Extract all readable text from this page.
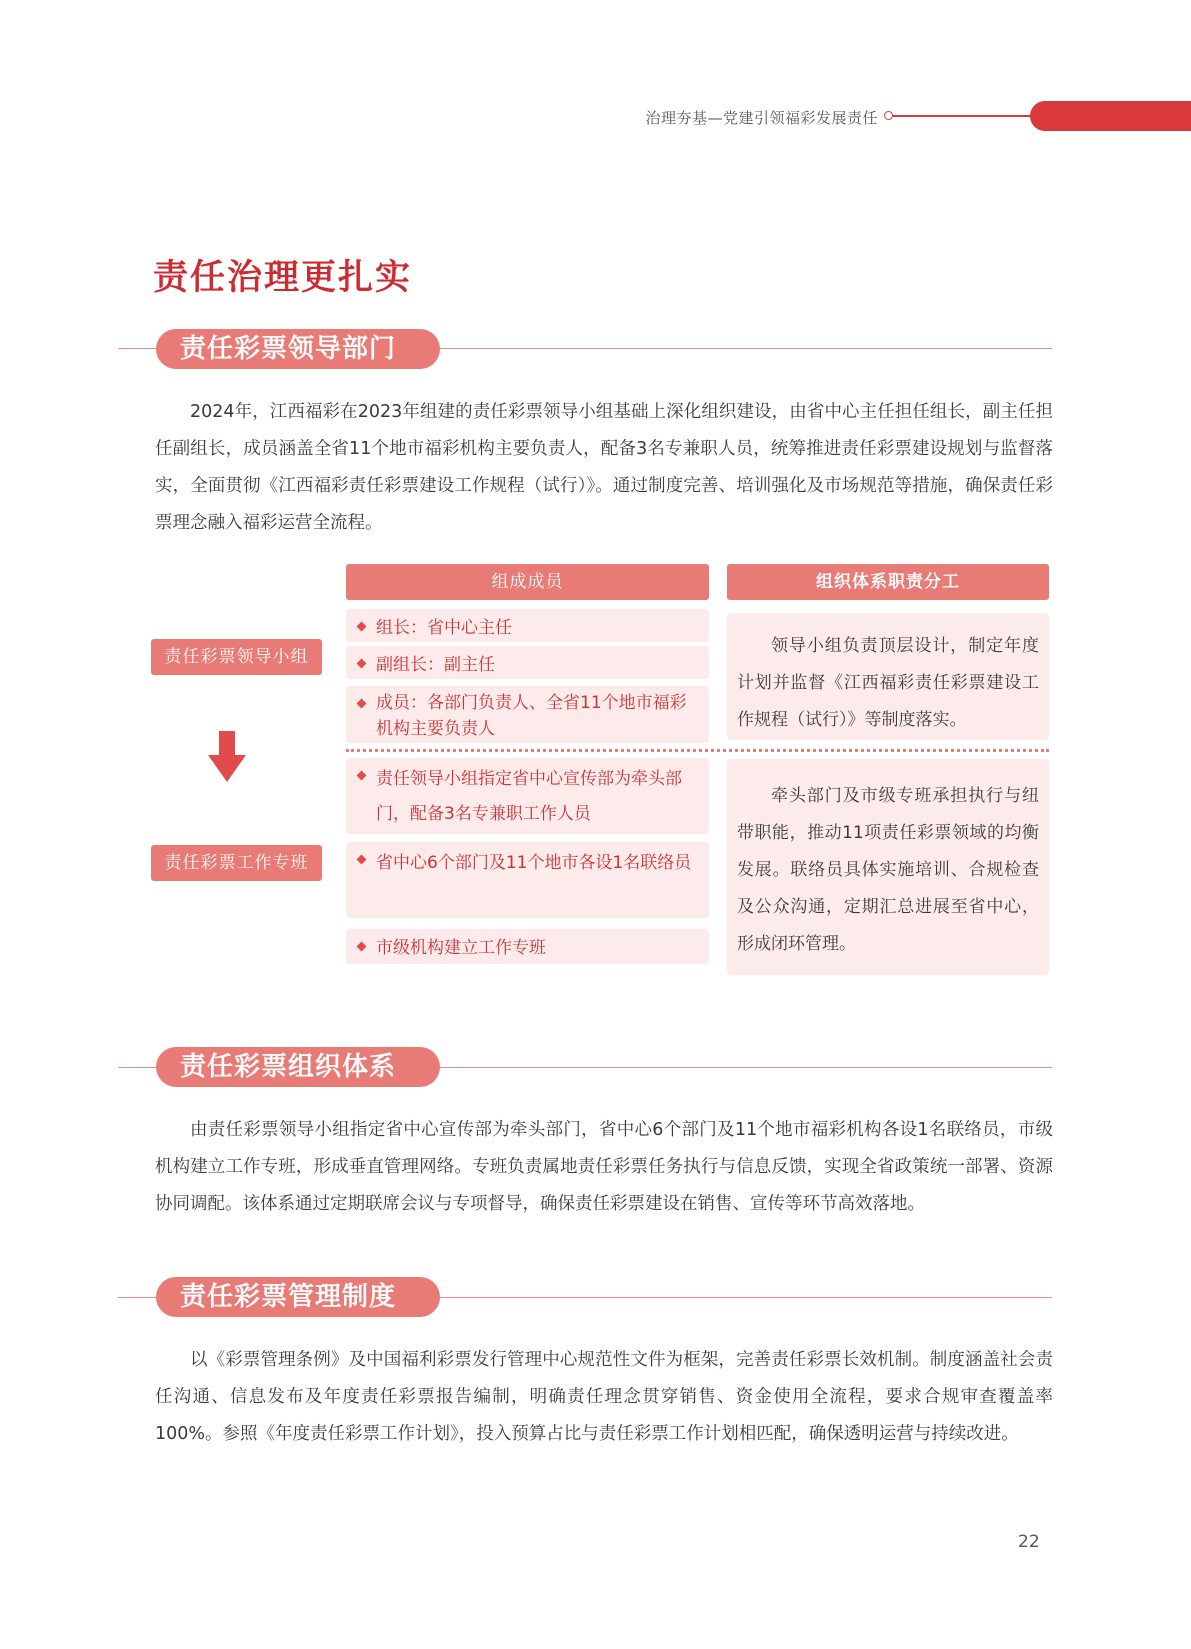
治理夯基—党建引领福彩发展责任
责任治理更扎实
责任彩票领导部门

2024年，江西福彩在2023年组建的责任彩票领导小组基础上深化组织建设，由省中心主任担任组长，副主任担任副组长，成员涵盖全省11个地市福彩机构主要负责人，配备3名专兼职人员，统筹推进责任彩票建设规划与监督落实，全面贯彻《江西福彩责任彩票建设工作规程（试行）》。通过制度完善、培训强化及市场规范等措施，确保责任彩票理念融入福彩运营全流程。

组成成员	组织体系职责分工
责任彩票领导小组
责任彩票工作专班
组长：省中心主任
副组长：副主任
成员：各部门负责人、全省11个地市福彩机构主要负责人
领导小组负责顶层设计，制定年度计划并监督《江西福彩责任彩票建设工作规程（试行）》等制度落实。
责任领导小组指定省中心宣传部为牵头部门，配备3名专兼职工作人员
省中心6个部门及11个地市各设1名联络员
市级机构建立工作专班
牵头部门及市级专班承担执行与纽带职能，推动11项责任彩票领域的均衡发展。联络员具体实施培训、合规检查及公众沟通，定期汇总进展至省中心，形成闭环管理。
责任彩票组织体系

由责任彩票领导小组指定省中心宣传部为牵头部门，省中心6个部门及11个地市福彩机构各设1名联络员，市级机构建立工作专班，形成垂直管理网络。专班负责属地责任彩票任务执行与信息反馈，实现全省政策统一部署、资源协同调配。该体系通过定期联席会议与专项督导，确保责任彩票建设在销售、宣传等环节高效落地。

责任彩票管理制度

以《彩票管理条例》及中国福利彩票发行管理中心规范性文件为框架，完善责任彩票长效机制。制度涵盖社会责任沟通、信息发布及年度责任彩票报告编制，明确责任理念贯穿销售、资金使用全流程，要求合规审查覆盖率100%。参照《年度责任彩票工作计划》，投入预算占比与责任彩票工作计划相匹配，确保透明运营与持续改进。

22
